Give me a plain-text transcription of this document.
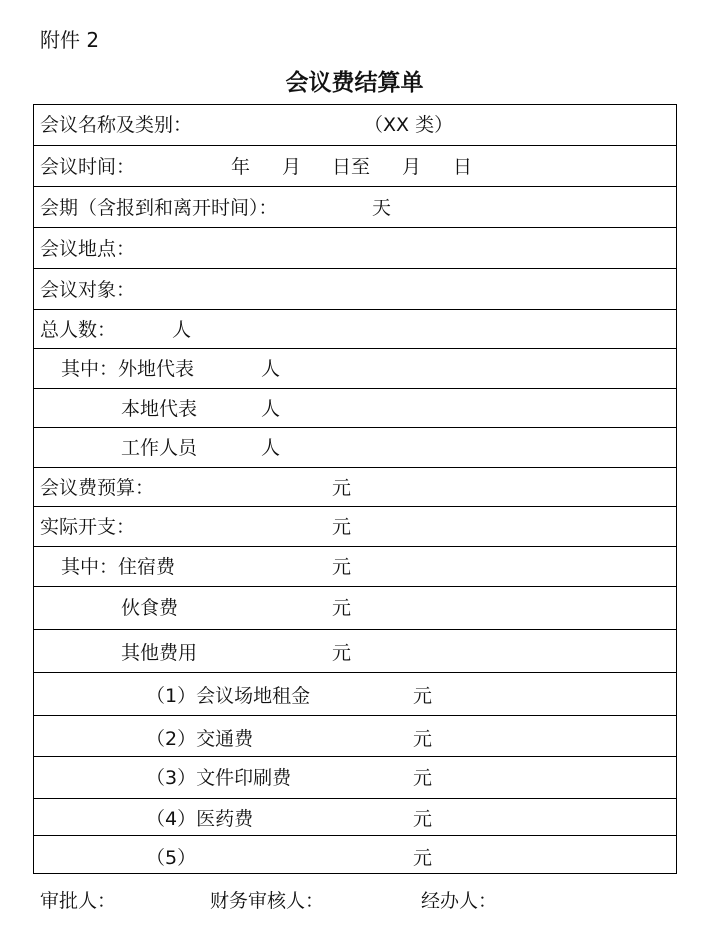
附件 2
会议费结算单
会议名称及类别：	（XX 类）
会议时间：	年 月 日至 月 日
会期（含报到和离开时间）：	天
会议地点：
会议对象：
总人数：	人
其中：外地代表	人
本地代表	人
工作人员	人
会议费预算：	元
实际开支：	元
其中：住宿费	元
伙食费	元
其他费用	元
（1）会议场地租金	元
（2）交通费	元
（3）文件印刷费	元
（4）医药费	元
（5）	元
审批人：	财务审核人：	经办人：
